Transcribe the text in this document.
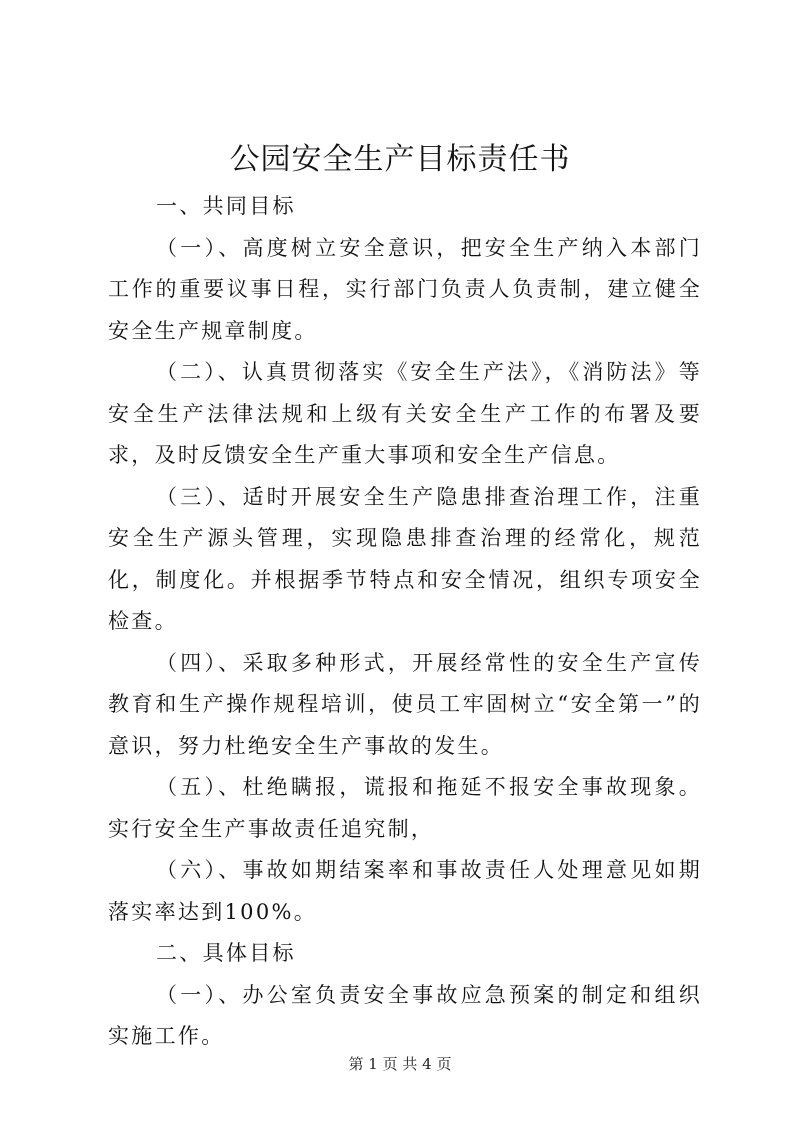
公园安全生产目标责任书

一、共同目标

（一）、高度树立安全意识，把安全生产纳入本部门工作的重要议事日程，实行部门负责人负责制，建立健全安全生产规章制度。

（二）、认真贯彻落实《安全生产法》，《消防法》等安全生产法律法规和上级有关安全生产工作的布署及要求，及时反馈安全生产重大事项和安全生产信息。

（三）、适时开展安全生产隐患排查治理工作，注重安全生产源头管理，实现隐患排查治理的经常化，规范化，制度化。并根据季节特点和安全情况，组织专项安全检查。

（四）、采取多种形式，开展经常性的安全生产宣传教育和生产操作规程培训，使员工牢固树立“安全第一”的意识，努力杜绝安全生产事故的发生。

（五）、杜绝瞒报，谎报和拖延不报安全事故现象。实行安全生产事故责任追究制，

（六）、事故如期结案率和事故责任人处理意见如期落实率达到100%。

二、具体目标

（一）、办公室负责安全事故应急预案的制定和组织实施工作。

第 1 页 共 4 页
